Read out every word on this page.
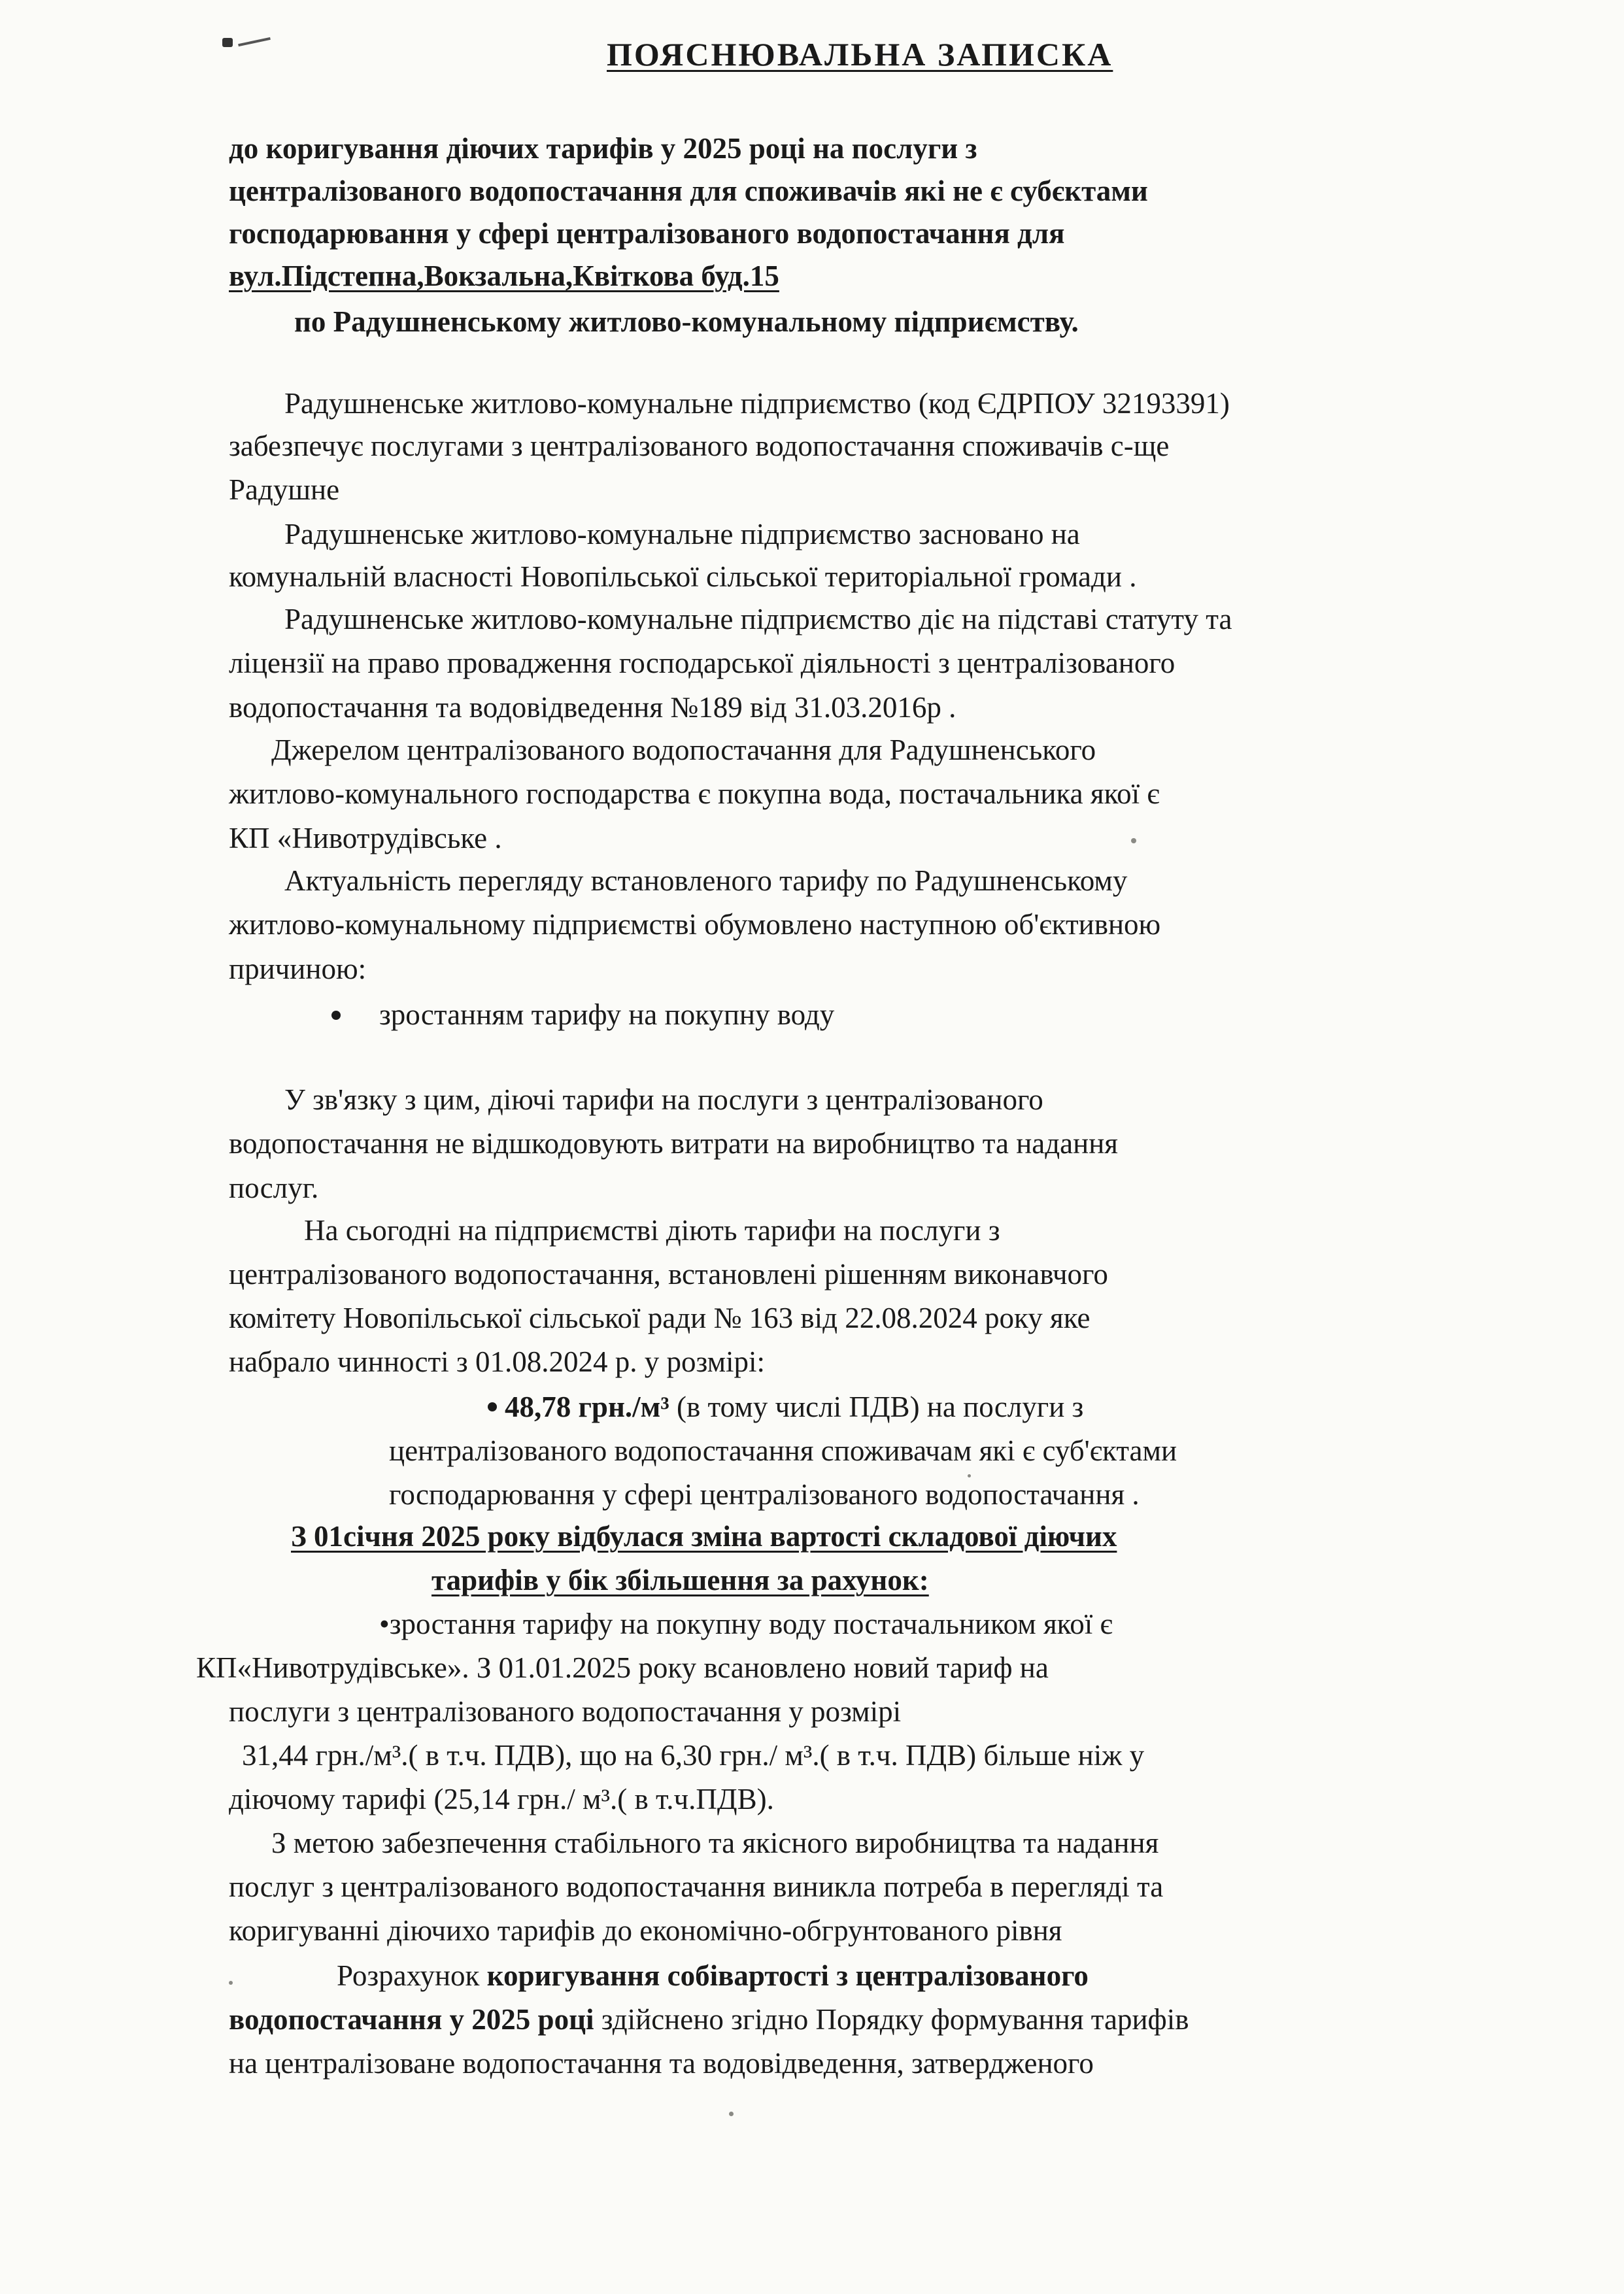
ПОЯСНЮВАЛЬНА ЗАПИСКА
до коригування діючих тарифів у 2025 році на послуги з
централізованого водопостачання для споживачів які не є субєктами
господарювання у сфері централізованого водопостачання для
вул.Підстепна,Вокзальна,Квіткова буд.15
по Радушненському житлово-комунальному підприємству.
Радушненське житлово-комунальне підприємство (код ЄДРПОУ 32193391)
забезпечує послугами з централізованого водопостачання споживачів с-ще
Радушне
Радушненське житлово-комунальне підприємство засновано на
комунальній власності Новопільської сільської територіальної громади .
Радушненське житлово-комунальне підприємство діє на підставі статуту та
ліцензії на право провадження господарської діяльності з централізованого
водопостачання та водовідведення №189 від 31.03.2016р .
Джерелом централізованого водопостачання для Радушненського
житлово-комунального господарства є покупна вода, постачальника якої є
КП «Нивотрудівське .
Актуальність перегляду встановленого тарифу по Радушненському
житлово-комунальному підприємстві обумовлено наступною об'єктивною
причиною:
зростанням тарифу на покупну воду
У зв'язку з цим, діючі тарифи на послуги з централізованого
водопостачання не відшкодовують витрати на виробництво та надання
послуг.
На сьогодні на підприємстві діють тарифи на послуги з
централізованого водопостачання, встановлені рішенням виконавчого
комітету Новопільської сільської ради № 163 від 22.08.2024 року яке
набрало чинності з 01.08.2024 р. у розмірі:
48,78 грн./м³ (в тому числі ПДВ) на послуги з
централізованого водопостачання споживачам які є суб'єктами
господарювання у сфері централізованого водопостачання .
З 01січня 2025 року відбулася зміна вартості складової діючих
тарифів у бік збільшення за рахунок:
•зростання тарифу на покупну воду постачальником якої є
КП«Нивотрудівське». З 01.01.2025 року всановлено новий тариф на
послуги з централізованого водопостачання у розмірі
31,44 грн./м³.( в т.ч. ПДВ), що на 6,30 грн./ м³.( в т.ч. ПДВ) більше ніж у
діючому тарифі (25,14 грн./ м³.( в т.ч.ПДВ).
З метою забезпечення стабільного та якісного виробництва та надання
послуг з централізованого водопостачання виникла потреба в перегляді та
коригуванні діючихо тарифів до економічно-обгрунтованого рівня
Розрахунок коригування собівартості з централізованого
водопостачання у 2025 році здійснено згідно Порядку формування тарифів
на централізоване водопостачання та водовідведення, затвердженого
